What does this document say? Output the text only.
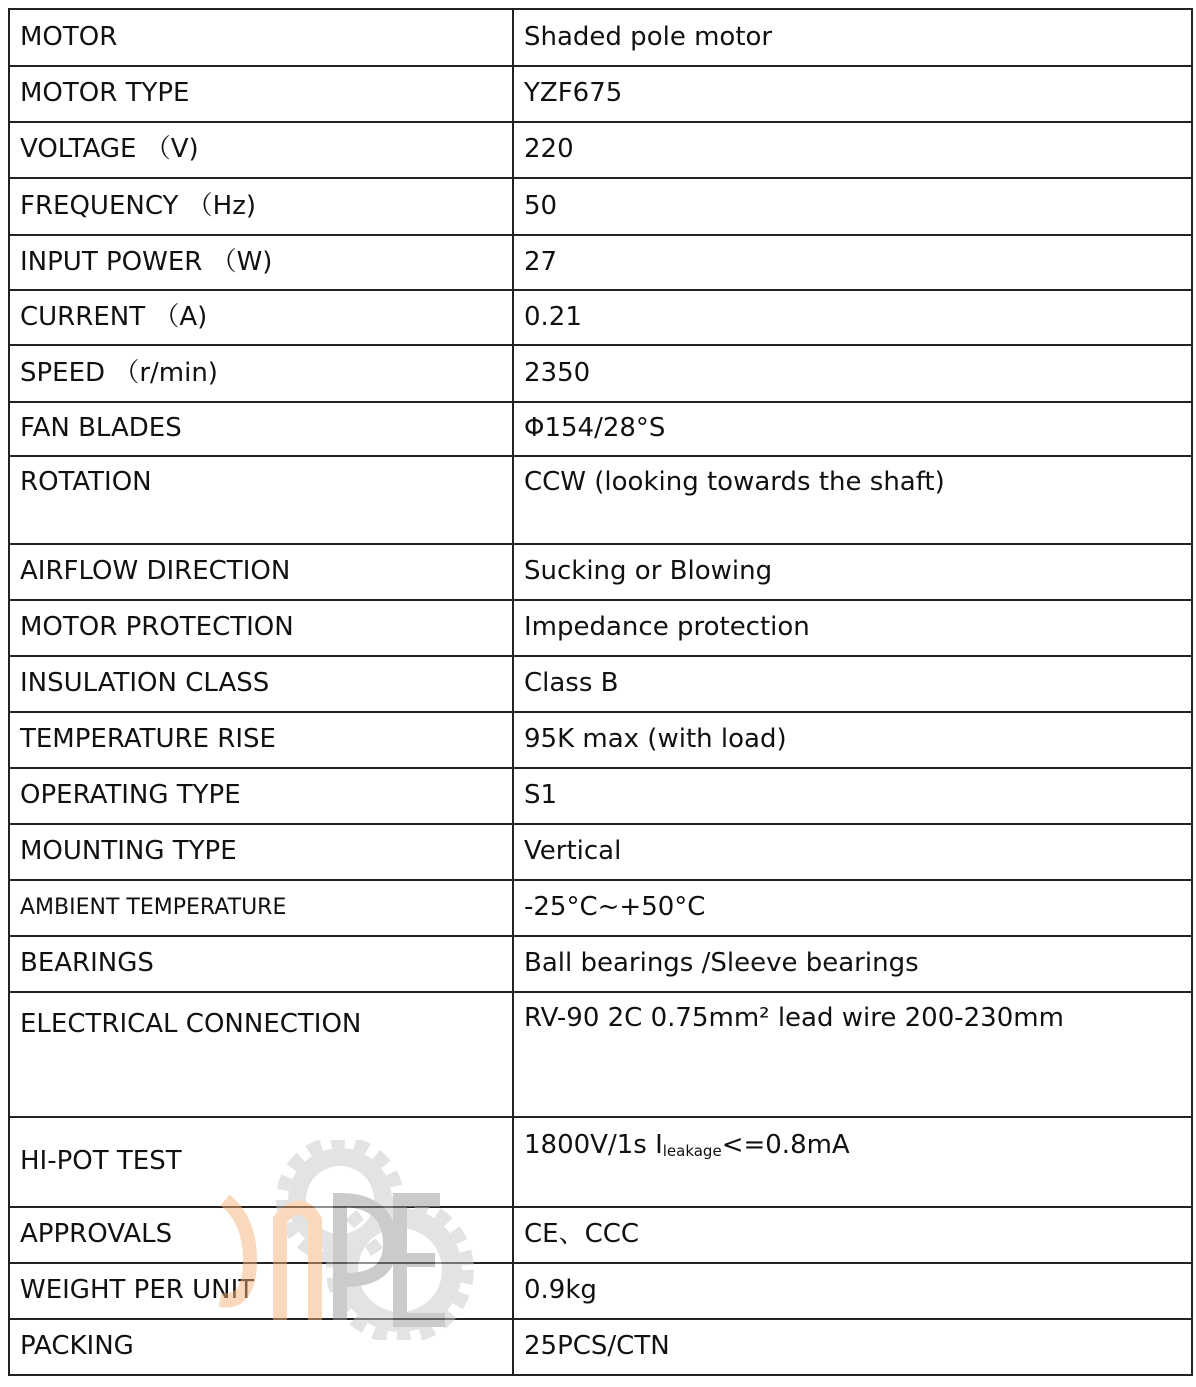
MOTOR	Shaded pole motor
MOTOR TYPE	YZF675
VOLTAGE （V)	220
FREQUENCY （Hz)	50
INPUT POWER （W)	27
CURRENT （A)	0.21
SPEED （r/min)	2350
FAN BLADES	Φ154/28°S
ROTATION	CCW (looking towards the shaft)
AIRFLOW DIRECTION	Sucking or Blowing
MOTOR PROTECTION	Impedance protection
INSULATION CLASS	Class B
TEMPERATURE RISE	95K max (with load)
OPERATING TYPE	S1
MOUNTING TYPE	Vertical
AMBIENT TEMPERATURE	-25°C~+50°C
BEARINGS	Ball bearings /Sleeve bearings
ELECTRICAL CONNECTION	RV-90 2C 0.75mm² lead wire 200-230mm
HI-POT TEST	1800V/1s $I_{leakage}<=0.8mA$
APPROVALS	CE、CCC
WEIGHT PER UNIT	0.9kg
PACKING	25PCS/CTN
